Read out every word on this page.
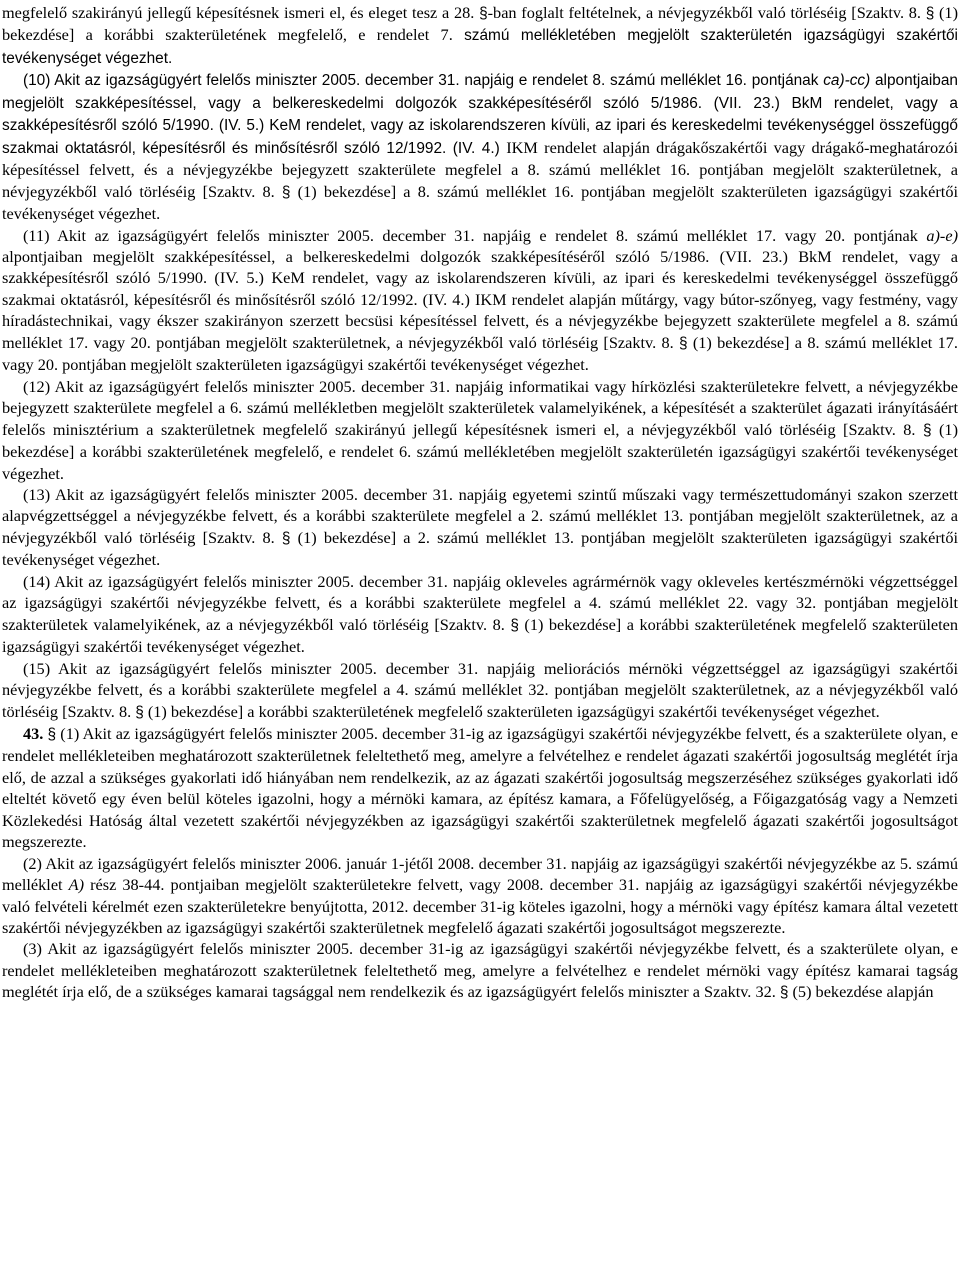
megfelelő szakirányú jellegű képesítésnek ismeri el, és eleget tesz a 28. §-ban foglalt feltételnek, a névjegyzékből való törléséig [Szaktv. 8. § (1) bekezdése] a korábbi szakterületének megfelelő, e rendelet 7. számú mellékletében megjelölt szakterületén igazságügyi szakértői tevékenységet végezhet.

(10) Akit az igazságügyért felelős miniszter 2005. december 31. napjáig e rendelet 8. számú melléklet 16. pontjának ca)-cc) alpontjaiban megjelölt szakképesítéssel, vagy a belkereskedelmi dolgozók szakképesítéséről szóló 5/1986. (VII. 23.) BkM rendelet, vagy a szakképesítésről szóló 5/1990. (IV. 5.) KeM rendelet, vagy az iskolarendszeren kívüli, az ipari és kereskedelmi tevékenységgel összefüggő szakmai oktatásról, képesítésről és minősítésről szóló 12/1992. (IV. 4.) IKM rendelet alapján drágakőszakértői vagy drágakő-meghatározói képesítéssel felvett, és a névjegyzékbe bejegyzett szakterülete megfelel a 8. számú melléklet 16. pontjában megjelölt szakterületnek, a névjegyzékből való törléséig [Szaktv. 8. § (1) bekezdése] a 8. számú melléklet 16. pontjában megjelölt szakterületen igazságügyi szakértői tevékenységet végezhet.

(11) Akit az igazságügyért felelős miniszter 2005. december 31. napjáig e rendelet 8. számú melléklet 17. vagy 20. pontjának a)-e) alpontjaiban megjelölt szakképesítéssel, a belkereskedelmi dolgozók szakképesítéséről szóló 5/1986. (VII. 23.) BkM rendelet, vagy a szakképesítésről szóló 5/1990. (IV. 5.) KeM rendelet, vagy az iskolarendszeren kívüli, az ipari és kereskedelmi tevékenységgel összefüggő szakmai oktatásról, képesítésről és minősítésről szóló 12/1992. (IV. 4.) IKM rendelet alapján műtárgy, vagy bútor-szőnyeg, vagy festmény, vagy híradástechnikai, vagy ékszer szakirányon szerzett becsüsi képesítéssel felvett, és a névjegyzékbe bejegyzett szakterülete megfelel a 8. számú melléklet 17. vagy 20. pontjában megjelölt szakterületnek, a névjegyzékből való törléséig [Szaktv. 8. § (1) bekezdése] a 8. számú melléklet 17. vagy 20. pontjában megjelölt szakterületen igazságügyi szakértői tevékenységet végezhet.

(12) Akit az igazságügyért felelős miniszter 2005. december 31. napjáig informatikai vagy hírközlési szakterületekre felvett, a névjegyzékbe bejegyzett szakterülete megfelel a 6. számú mellékletben megjelölt szakterületek valamelyikének, a képesítését a szakterület ágazati irányításáért felelős minisztérium a szakterületnek megfelelő szakirányú jellegű képesítésnek ismeri el, a névjegyzékből való törléséig [Szaktv. 8. § (1) bekezdése] a korábbi szakterületének megfelelő, e rendelet 6. számú mellékletében megjelölt szakterületén igazságügyi szakértői tevékenységet végezhet.

(13) Akit az igazságügyért felelős miniszter 2005. december 31. napjáig egyetemi szintű műszaki vagy természettudományi szakon szerzett alapvégzettséggel a névjegyzékbe felvett, és a korábbi szakterülete megfelel a 2. számú melléklet 13. pontjában megjelölt szakterületnek, az a névjegyzékből való törléséig [Szaktv. 8. § (1) bekezdése] a 2. számú melléklet 13. pontjában megjelölt szakterületen igazságügyi szakértői tevékenységet végezhet.

(14) Akit az igazságügyért felelős miniszter 2005. december 31. napjáig okleveles agrármérnök vagy okleveles kertészmérnöki végzettséggel az igazságügyi szakértői névjegyzékbe felvett, és a korábbi szakterülete megfelel a 4. számú melléklet 22. vagy 32. pontjában megjelölt szakterületek valamelyikének, az a névjegyzékből való törléséig [Szaktv. 8. § (1) bekezdése] a korábbi szakterületének megfelelő szakterületen igazságügyi szakértői tevékenységet végezhet.

(15) Akit az igazságügyért felelős miniszter 2005. december 31. napjáig meliorációs mérnöki végzettséggel az igazságügyi szakértői névjegyzékbe felvett, és a korábbi szakterülete megfelel a 4. számú melléklet 32. pontjában megjelölt szakterületnek, az a névjegyzékből való törléséig [Szaktv. 8. § (1) bekezdése] a korábbi szakterületének megfelelő szakterületen igazságügyi szakértői tevékenységet végezhet.

43. § (1) Akit az igazságügyért felelős miniszter 2005. december 31-ig az igazságügyi szakértői névjegyzékbe felvett, és a szakterülete olyan, e rendelet mellékleteiben meghatározott szakterületnek feleltethető meg, amelyre a felvételhez e rendelet ágazati szakértői jogosultság meglétét írja elő, de azzal a szükséges gyakorlati idő hiányában nem rendelkezik, az az ágazati szakértői jogosultság megszerzéséhez szükséges gyakorlati idő elteltét követő egy éven belül köteles igazolni, hogy a mérnöki kamara, az építész kamara, a Főfelügyelőség, a Főigazgatóság vagy a Nemzeti Közlekedési Hatóság által vezetett szakértői névjegyzékben az igazságügyi szakértői szakterületnek megfelelő ágazati szakértői jogosultságot megszerezte.

(2) Akit az igazságügyért felelős miniszter 2006. január 1-jétől 2008. december 31. napjáig az igazságügyi szakértői névjegyzékbe az 5. számú melléklet A) rész 38-44. pontjaiban megjelölt szakterületekre felvett, vagy 2008. december 31. napjáig az igazságügyi szakértői névjegyzékbe való felvételi kérelmét ezen szakterületekre benyújtotta, 2012. december 31-ig köteles igazolni, hogy a mérnöki vagy építész kamara által vezetett szakértői névjegyzékben az igazságügyi szakértői szakterületnek megfelelő ágazati szakértői jogosultságot megszerezte.

(3) Akit az igazságügyért felelős miniszter 2005. december 31-ig az igazságügyi szakértői névjegyzékbe felvett, és a szakterülete olyan, e rendelet mellékleteiben meghatározott szakterületnek feleltethető meg, amelyre a felvételhez e rendelet mérnöki vagy építész kamarai tagság meglétét írja elő, de a szükséges kamarai tagsággal nem rendelkezik és az igazságügyért felelős miniszter a Szaktv. 32. § (5) bekezdése alapján
